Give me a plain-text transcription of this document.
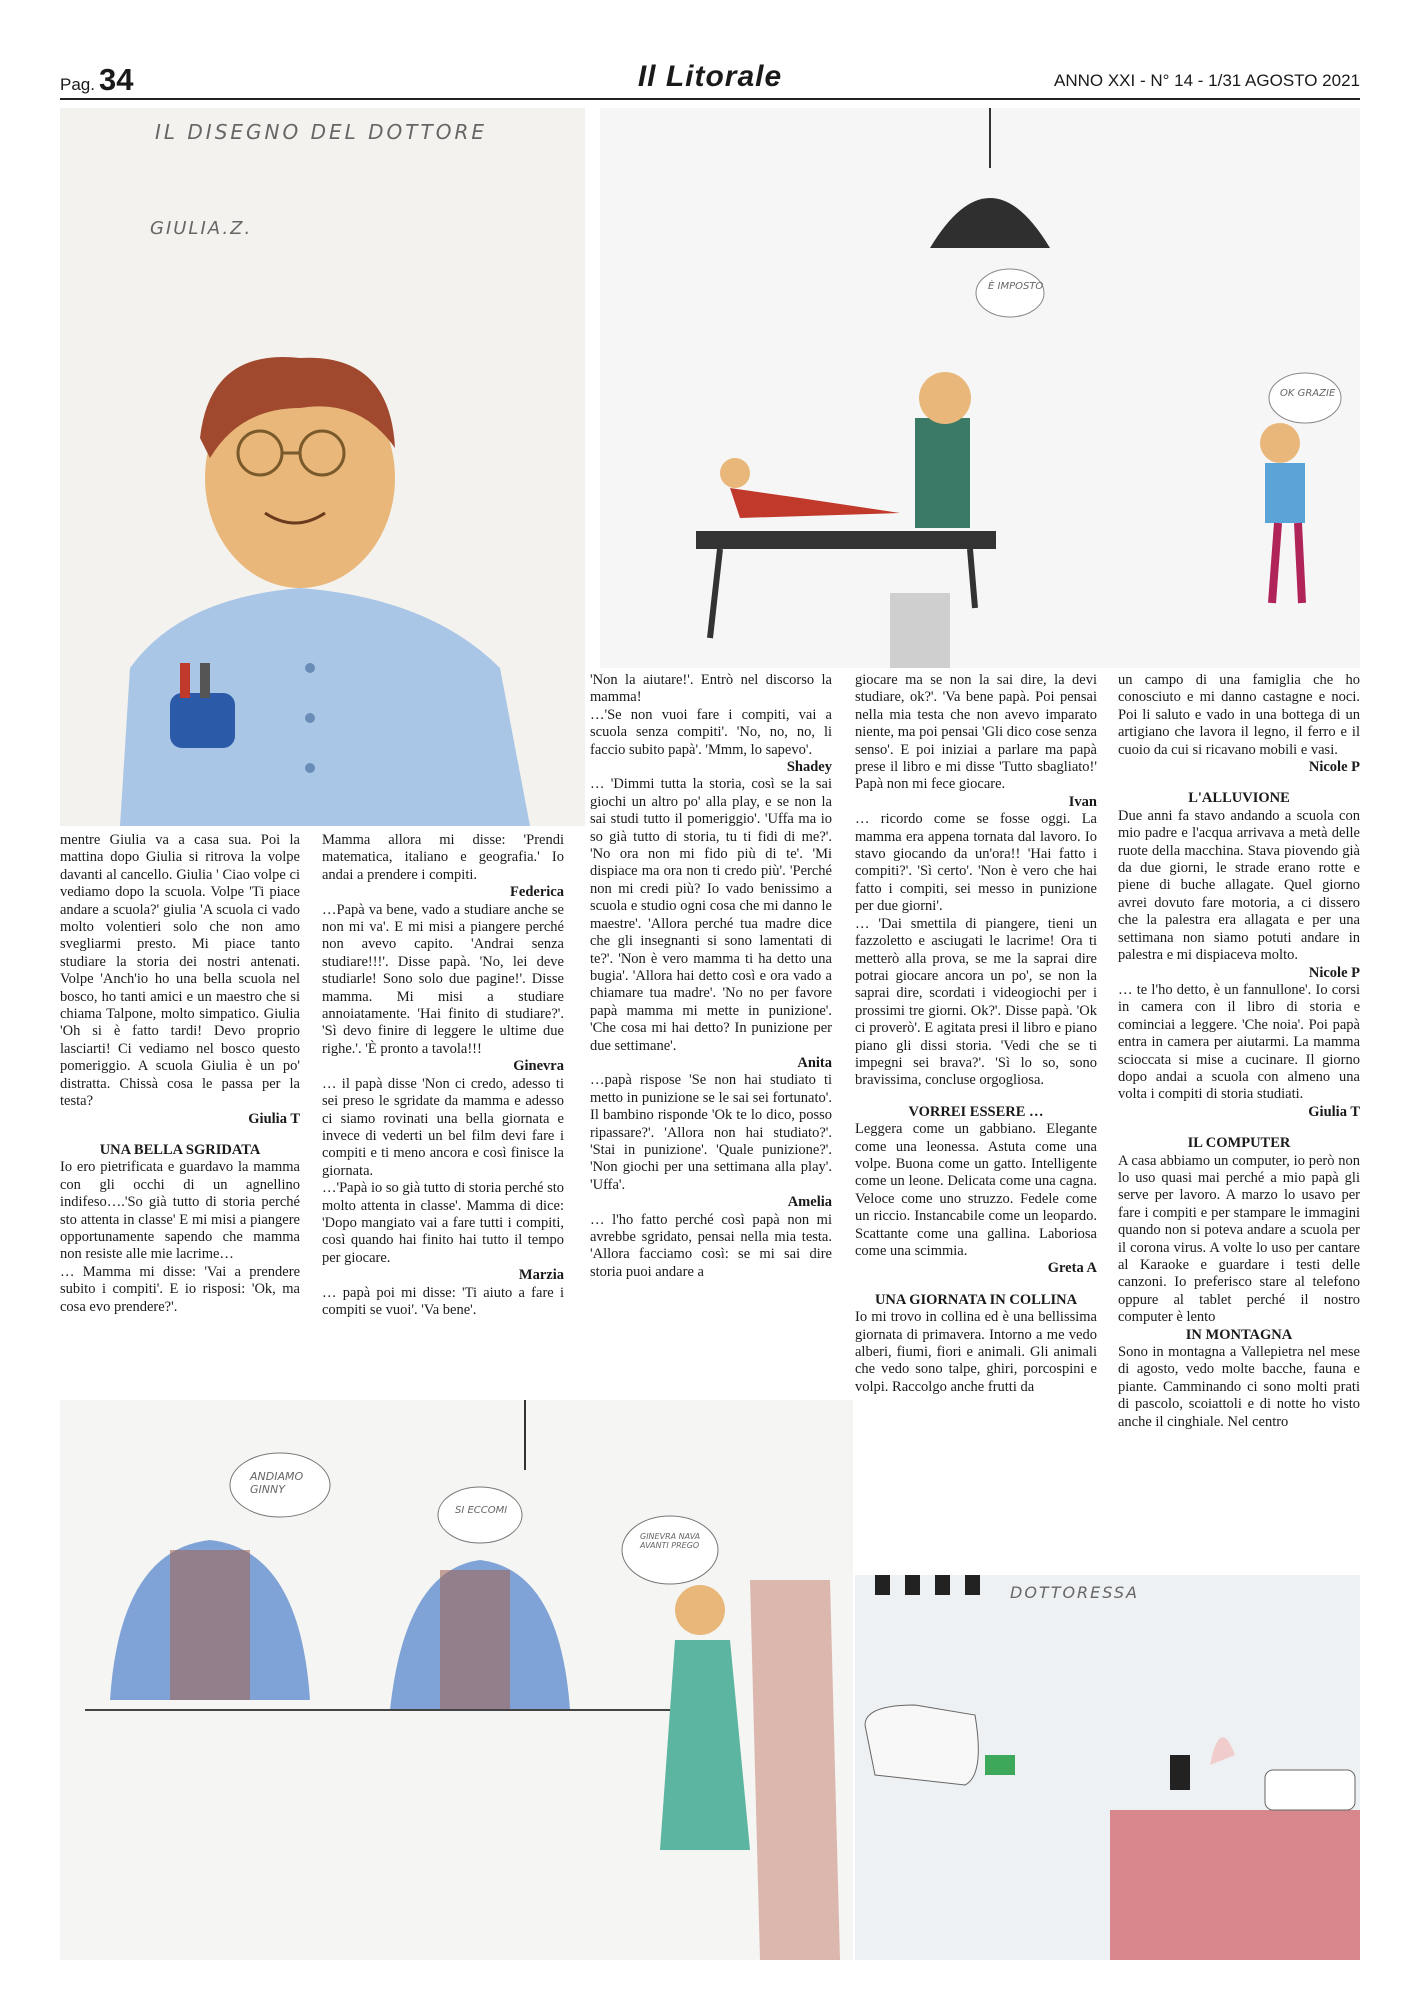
Pag. 34	Il Litorale	ANNO XXI - N° 14 - 1/31 AGOSTO 2021
IL DISEGNO DEL DOTTORE
GIULIA.Z.
È IMPOSTO
OK GRAZIE
ANDIAMO GINNY
SI ECCOMI
GINEVRA NAVA AVANTI PREGO
DOTTORESSA

mentre Giulia va a casa sua. Poi la mattina dopo Giulia si ritrova la volpe davanti al cancello. Giulia ' Ciao volpe ci vediamo dopo la scuola. Volpe 'Ti piace andare a scuola?' giulia 'A scuola ci vado molto volentieri solo che non amo svegliarmi presto. Mi piace tanto studiare la storia dei nostri antenati. Volpe 'Anch'io ho una bella scuola nel bosco, ho tanti amici e un maestro che si chiama Talpone, molto simpatico. Giulia 'Oh si è fatto tardi! Devo proprio lasciarti! Ci vediamo nel bosco questo pomeriggio. A scuola Giulia è un po' distratta. Chissà cosa le passa per la testa?

Giulia T

UNA BELLA SGRIDATA

Io ero pietrificata e guardavo la mamma con gli occhi di un agnellino indifeso….'So già tutto di storia perché sto attenta in classe' E mi misi a piangere opportunamente sapendo che mamma non resiste alle mie lacrime…

… Mamma mi disse: 'Vai a prendere subito i compiti'. E io risposi: 'Ok, ma cosa evo prendere?'.

Mamma allora mi disse: 'Prendi matematica, italiano e geografia.' Io andai a prendere i compiti.

Federica

…Papà va bene, vado a studiare anche se non mi va'. E mi misi a piangere perché non avevo capito. 'Andrai senza studiare!!!'. Disse papà. 'No, lei deve studiarle! Sono solo due pagine!'. Disse mamma. Mi misi a studiare annoiatamente. 'Hai finito di studiare?'. 'Sì devo finire di leggere le ultime due righe.'. 'È pronto a tavola!!!

Ginevra

… il papà disse 'Non ci credo, adesso ti sei preso le sgridate da mamma e adesso ci siamo rovinati una bella giornata e invece di vederti un bel film devi fare i compiti e ti meno ancora e così finisce la giornata.

…'Papà io so già tutto di storia perché sto molto attenta in classe'. Mamma di dice: 'Dopo mangiato vai a fare tutti i compiti, così quando hai finito hai tutto il tempo per giocare.

Marzia

… papà poi mi disse: 'Ti aiuto a fare i compiti se vuoi'. 'Va bene'.

'Non la aiutare!'. Entrò nel discorso la mamma!

…'Se non vuoi fare i compiti, vai a scuola senza compiti'. 'No, no, no, li faccio subito papà'. 'Mmm, lo sapevo'.

Shadey

… 'Dimmi tutta la storia, così se la sai giochi un altro po' alla play, e se non la sai studi tutto il pomeriggio'. 'Uffa ma io so già tutto di storia, tu ti fidi di me?'. 'No ora non mi fido più di te'. 'Mi dispiace ma ora non ti credo più'. 'Perché non mi credi più? Io vado benissimo a scuola e studio ogni cosa che mi danno le maestre'. 'Allora perché tua madre dice che gli insegnanti si sono lamentati di te?'. 'Non è vero mamma ti ha detto una bugia'. 'Allora hai detto così e ora vado a chiamare tua madre'. 'No no per favore papà mamma mi mette in punizione'. 'Che cosa mi hai detto? In punizione per due settimane'.

Anita

…papà rispose 'Se non hai studiato ti metto in punizione se le sai sei fortunato'. Il bambino risponde 'Ok te lo dico, posso ripassare?'. 'Allora non hai studiato?'. 'Stai in punizione'. 'Quale punizione?'. 'Non giochi per una settimana alla play'. 'Uffa'.

Amelia

… l'ho fatto perché così papà non mi avrebbe sgridato, pensai nella mia testa. 'Allora facciamo così: se mi sai dire storia puoi andare a

giocare ma se non la sai dire, la devi studiare, ok?'. 'Va bene papà. Poi pensai nella mia testa che non avevo imparato niente, ma poi pensai 'Gli dico cose senza senso'. E poi iniziai a parlare ma papà prese il libro e mi disse 'Tutto sbagliato!' Papà non mi fece giocare.

Ivan

… ricordo come se fosse oggi. La mamma era appena tornata dal lavoro. Io stavo giocando da un'ora!! 'Hai fatto i compiti?'. 'Sì certo'. 'Non è vero che hai fatto i compiti, sei messo in punizione per due giorni'.

… 'Dai smettila di piangere, tieni un fazzoletto e asciugati le lacrime! Ora ti metterò alla prova, se me la saprai dire potrai giocare ancora un po', se non la saprai dire, scordati i videogiochi per i prossimi tre giorni. Ok?'. Disse papà. 'Ok ci proverò'. E agitata presi il libro e piano piano gli dissi storia. 'Vedi che se ti impegni sei brava?'. 'Sì lo so, sono bravissima, concluse orgogliosa.

VORREI ESSERE …

Leggera come un gabbiano. Elegante come una leonessa. Astuta come una volpe. Buona come un gatto. Intelligente come un leone. Delicata come una cagna. Veloce come uno struzzo. Fedele come un riccio. Instancabile come un leopardo. Scattante come una gallina. Laboriosa come una scimmia.

Greta A

UNA GIORNATA IN COLLINA

Io mi trovo in collina ed è una bellissima giornata di primavera. Intorno a me vedo alberi, fiumi, fiori e animali. Gli animali che vedo sono talpe, ghiri, porcospini e volpi. Raccolgo anche frutti da

un campo di una famiglia che ho conosciuto e mi danno castagne e noci. Poi li saluto e vado in una bottega di un artigiano che lavora il legno, il ferro e il cuoio da cui si ricavano mobili e vasi.

Nicole P

L'ALLUVIONE

Due anni fa stavo andando a scuola con mio padre e l'acqua arrivava a metà delle ruote della macchina. Stava piovendo già da due giorni, le strade erano rotte e piene di buche allagate. Quel giorno avrei dovuto fare motoria, a ci dissero che la palestra era allagata e per una settimana non siamo potuti andare in palestra e mi dispiaceva molto.

Nicole P

… te l'ho detto, è un fannullone'. Io corsi in camera con il libro di storia e cominciai a leggere. 'Che noia'. Poi papà entra in camera per aiutarmi. La mamma scioccata si mise a cucinare. Il giorno dopo andai a scuola con almeno una volta i compiti di storia studiati.

Giulia T

IL COMPUTER

A casa abbiamo un computer, io però non lo uso quasi mai perché a mio papà gli serve per lavoro. A marzo lo usavo per fare i compiti e per stampare le immagini quando non si poteva andare a scuola per il corona virus. A volte lo uso per cantare al Karaoke e guardare i testi delle canzoni. Io preferisco stare al telefono oppure al tablet perché il nostro computer è lento

IN MONTAGNA

Sono in montagna a Vallepietra nel mese di agosto, vedo molte bacche, fauna e piante. Camminando ci sono molti prati di pascolo, scoiattoli e di notte ho visto anche il cinghiale. Nel centro
